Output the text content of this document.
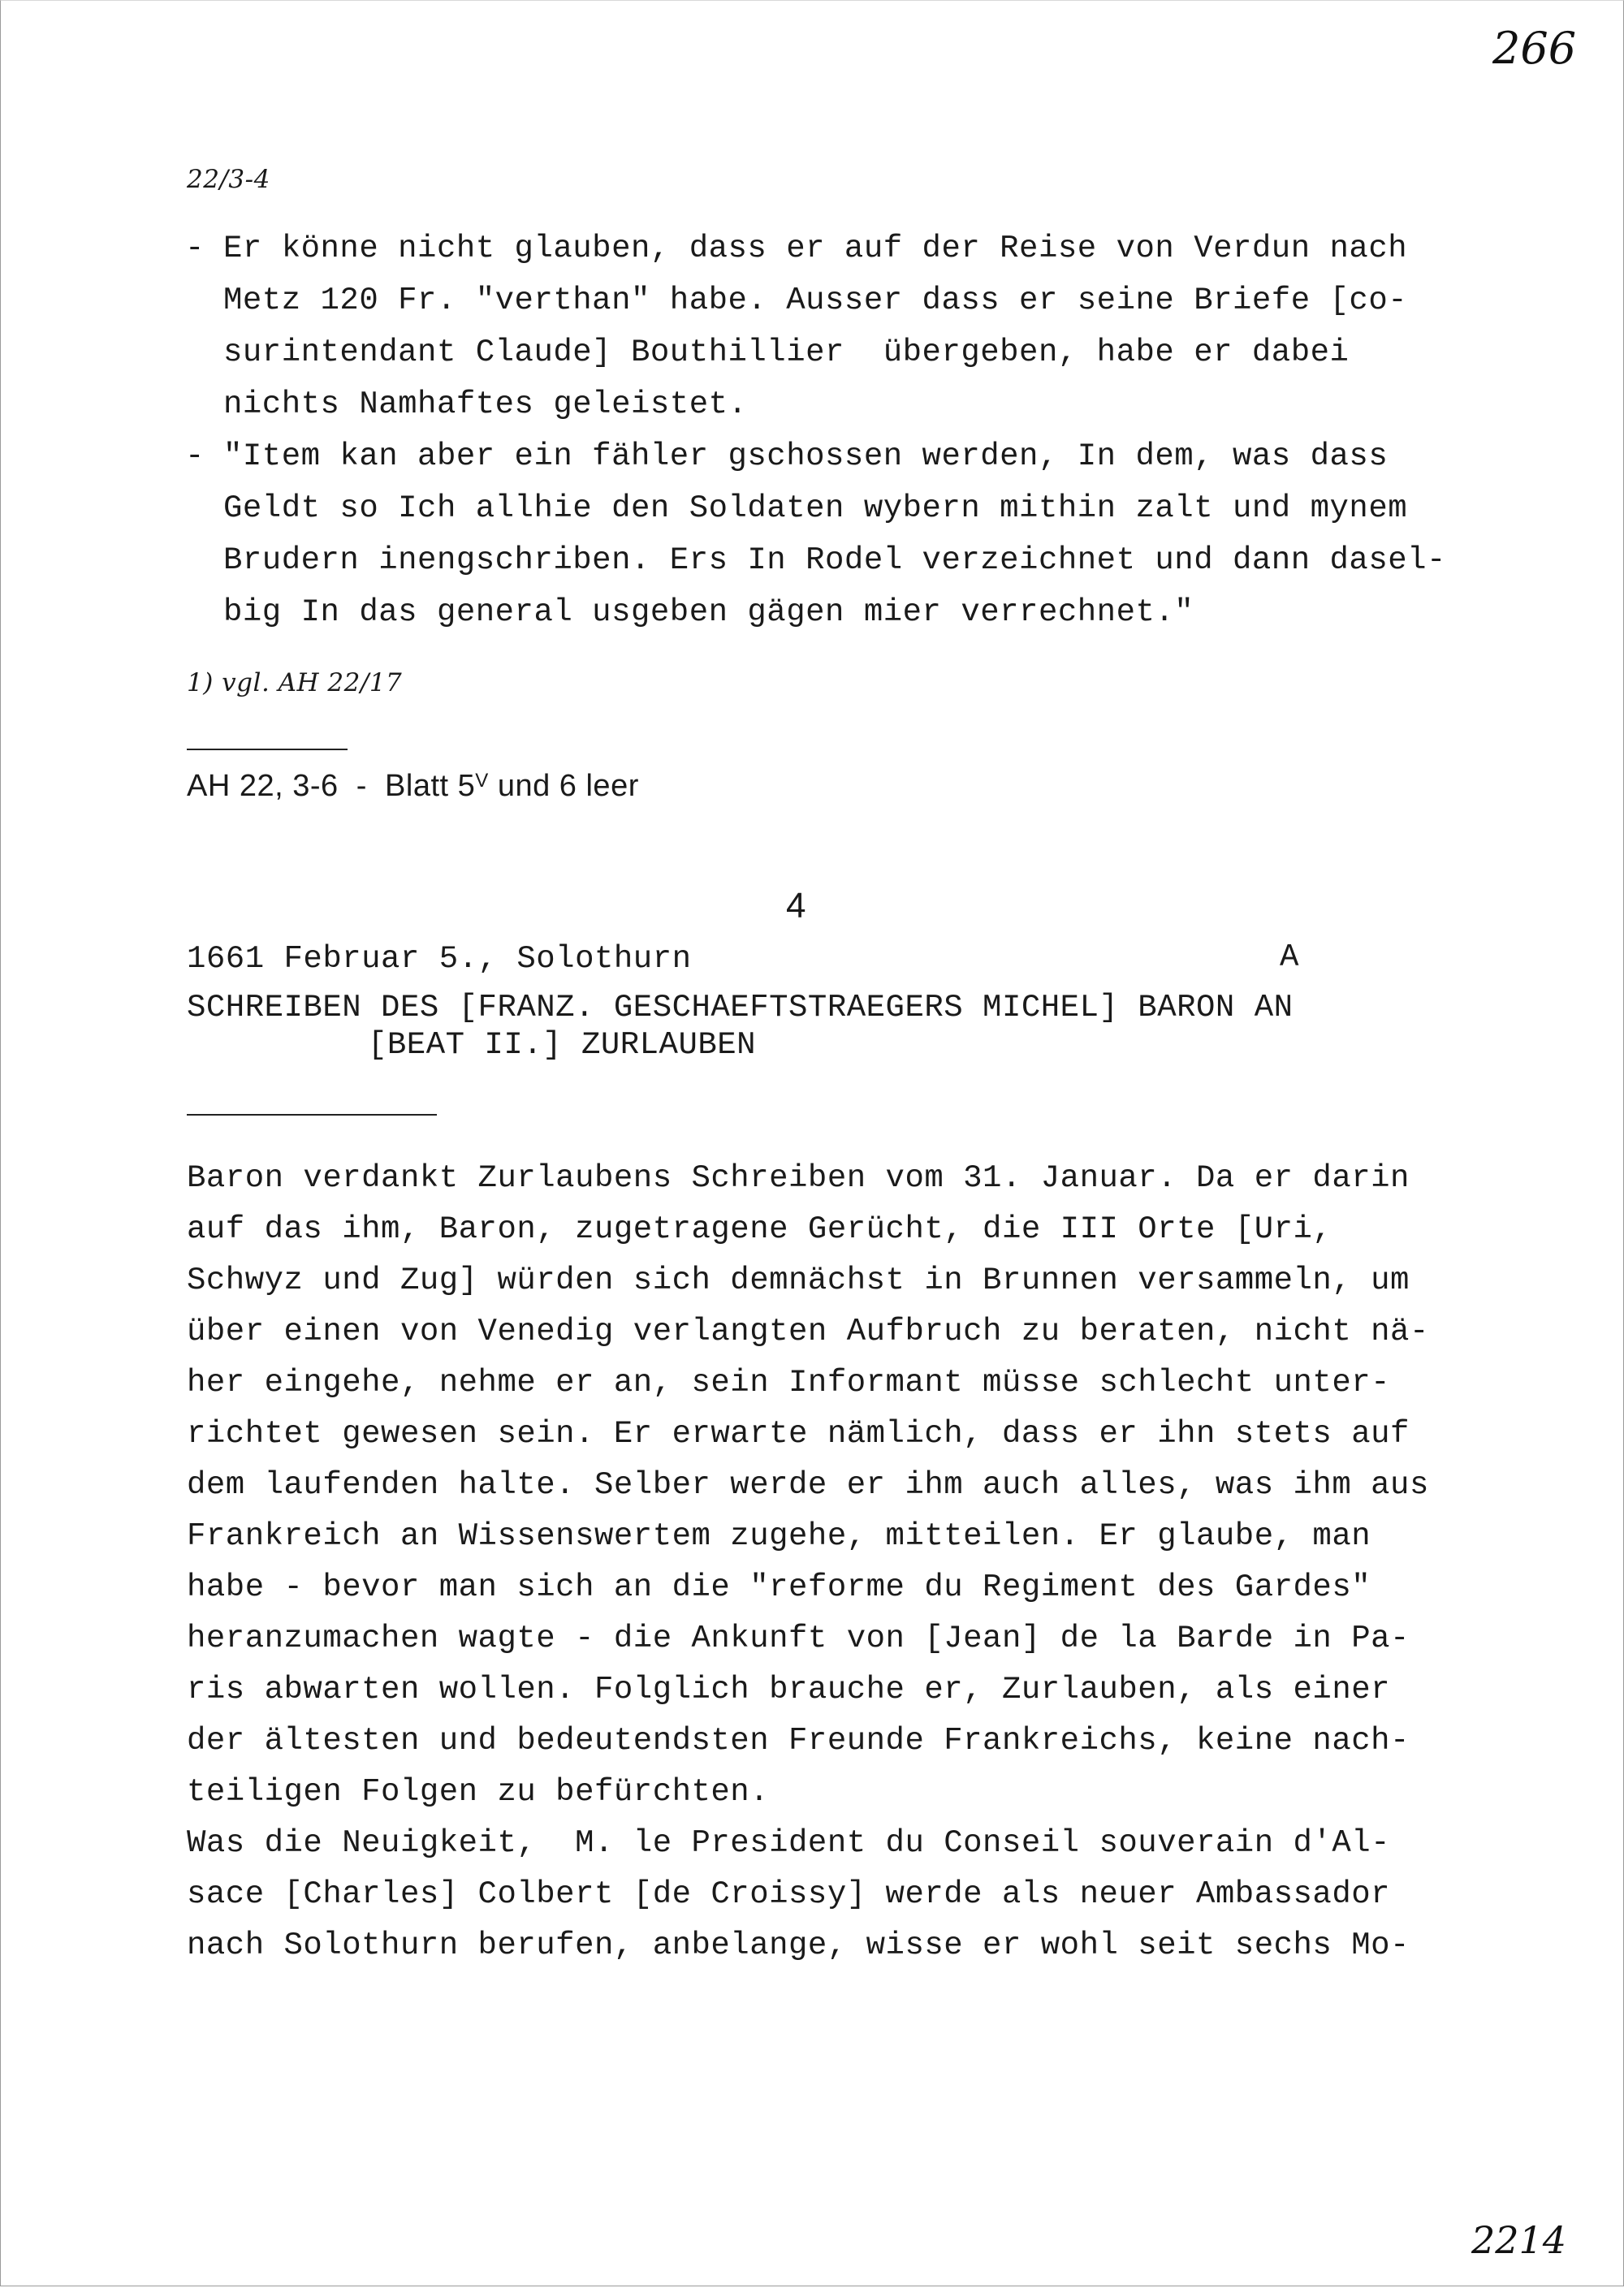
266
22/3-4
- Er könne nicht glauben, dass er auf der Reise von Verdun nach
Metz 120 Fr. "verthan" habe. Ausser dass er seine Briefe [co-
surintendant Claude] Bouthillier  übergeben, habe er dabei
nichts Namhaftes geleistet.
- "Item kan aber ein fähler gschossen werden, In dem, was dass
Geldt so Ich allhie den Soldaten wybern mithin zalt und mynem
Brudern inengschriben. Ers In Rodel verzeichnet und dann dasel-
big In das general usgeben gägen mier verrechnet."
1) vgl. AH 22/17
AH 22, 3-6  -  Blatt $5^V$ und 6 leer
4
1661 Februar 5., Solothurn	A
SCHREIBEN DES [FRANZ. GESCHAEFTSTRAEGERS MICHEL] BARON AN
[BEAT II.] ZURLAUBEN
Baron verdankt Zurlaubens Schreiben vom 31. Januar. Da er darin
auf das ihm, Baron, zugetragene Gerücht, die III Orte [Uri,
Schwyz und Zug] würden sich demnächst in Brunnen versammeln, um
über einen von Venedig verlangten Aufbruch zu beraten, nicht nä-
her eingehe, nehme er an, sein Informant müsse schlecht unter-
richtet gewesen sein. Er erwarte nämlich, dass er ihn stets auf
dem laufenden halte. Selber werde er ihm auch alles, was ihm aus
Frankreich an Wissenswertem zugehe, mitteilen. Er glaube, man
habe - bevor man sich an die "reforme du Regiment des Gardes"
heranzumachen wagte - die Ankunft von [Jean] de la Barde in Pa-
ris abwarten wollen. Folglich brauche er, Zurlauben, als einer
der ältesten und bedeutendsten Freunde Frankreichs, keine nach-
teiligen Folgen zu befürchten.
Was die Neuigkeit,  M. le President du Conseil souverain d'Al-
sace [Charles] Colbert [de Croissy] werde als neuer Ambassador
nach Solothurn berufen, anbelange, wisse er wohl seit sechs Mo-
2214
